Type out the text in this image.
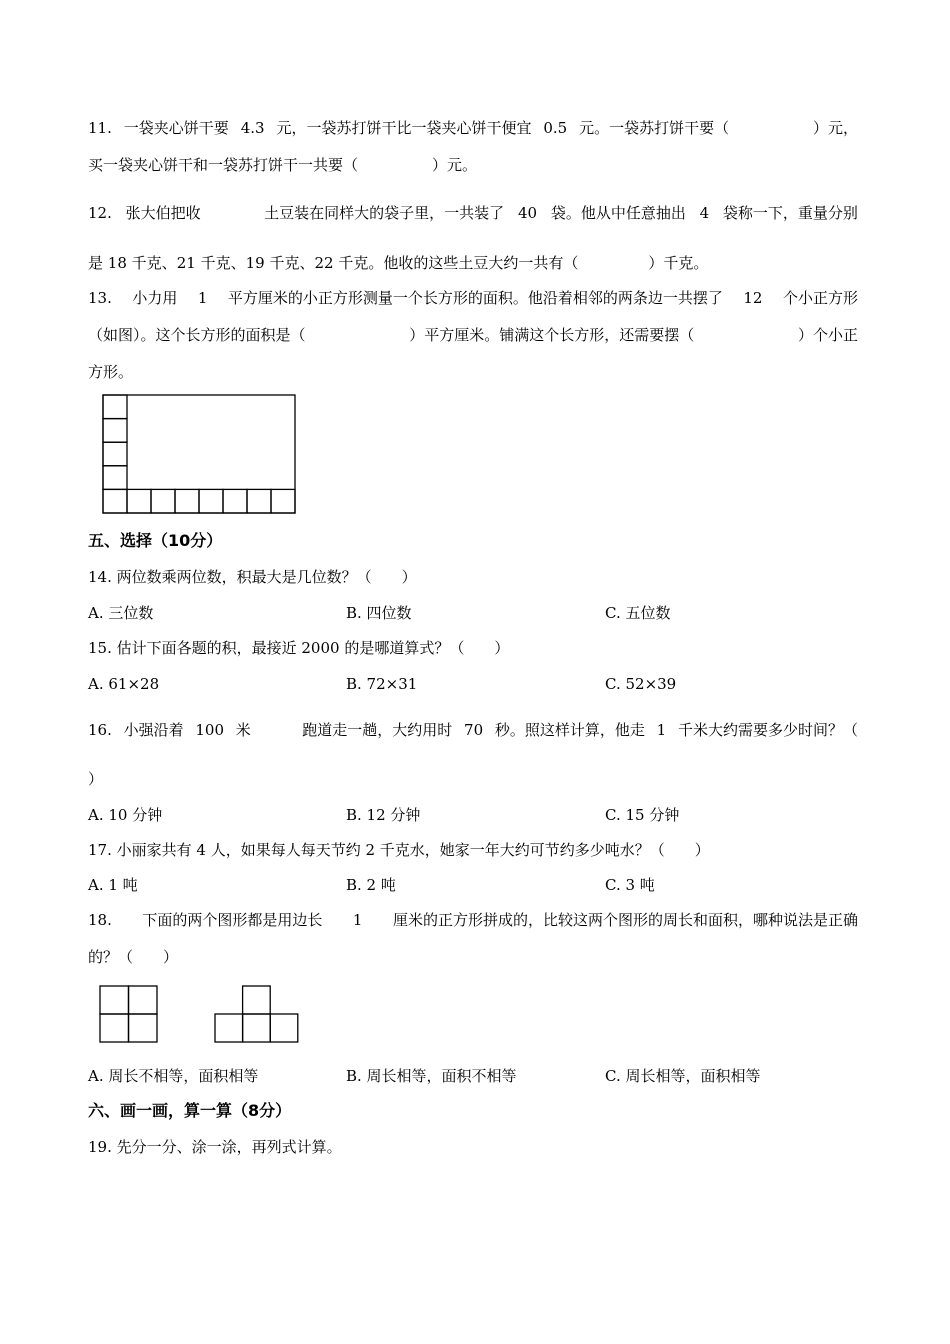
11. 一袋夹心饼干要 4.3 元，一袋苏打饼干比一袋夹心饼干便宜 0.5 元。一袋苏打饼干要（	）元，
买一袋夹心饼干和一袋苏打饼干一共要（	）元。
12. 张大伯把收	土豆装在同样大的袋子里，一共装了 40 袋。他从中任意抽出 4 袋称一下，重量分别
是 18 千克、21 千克、19 千克、22 千克。他收的这些土豆大约一共有（	）千克。
13. 小力用 1 平方厘米的小正方形测量一个长方形的面积。他沿着相邻的两条边一共摆了 12 个小正方形
（如图）。这个长方形的面积是（	）平方厘米。铺满这个长方形，还需要摆（	）个小正
方形。
五、选择（10分）
14. 两位数乘两位数，积最大是几位数？（　　）
A. 三位数	B. 四位数	C. 五位数
15. 估计下面各题的积，最接近 2000 的是哪道算式？（　　）
A. 61×28	B. 72×31	C. 52×39
16. 小强沿着 100 米	跑道走一趟，大约用时 70 秒。照这样计算，他走 1 千米大约需要多少时间？（
）
A. 10 分钟	B. 12 分钟	C. 15 分钟
17. 小丽家共有 4 人，如果每人每天节约 2 千克水，她家一年大约可节约多少吨水？（　　）
A. 1 吨	B. 2 吨	C. 3 吨
18. 下面的两个图形都是用边长 1 厘米的正方形拼成的，比较这两个图形的周长和面积，哪种说法是正确
的？（　　）
A. 周长不相等，面积相等	B. 周长相等，面积不相等	C. 周长相等，面积相等
六、画一画，算一算（8分）
19. 先分一分、涂一涂，再列式计算。
